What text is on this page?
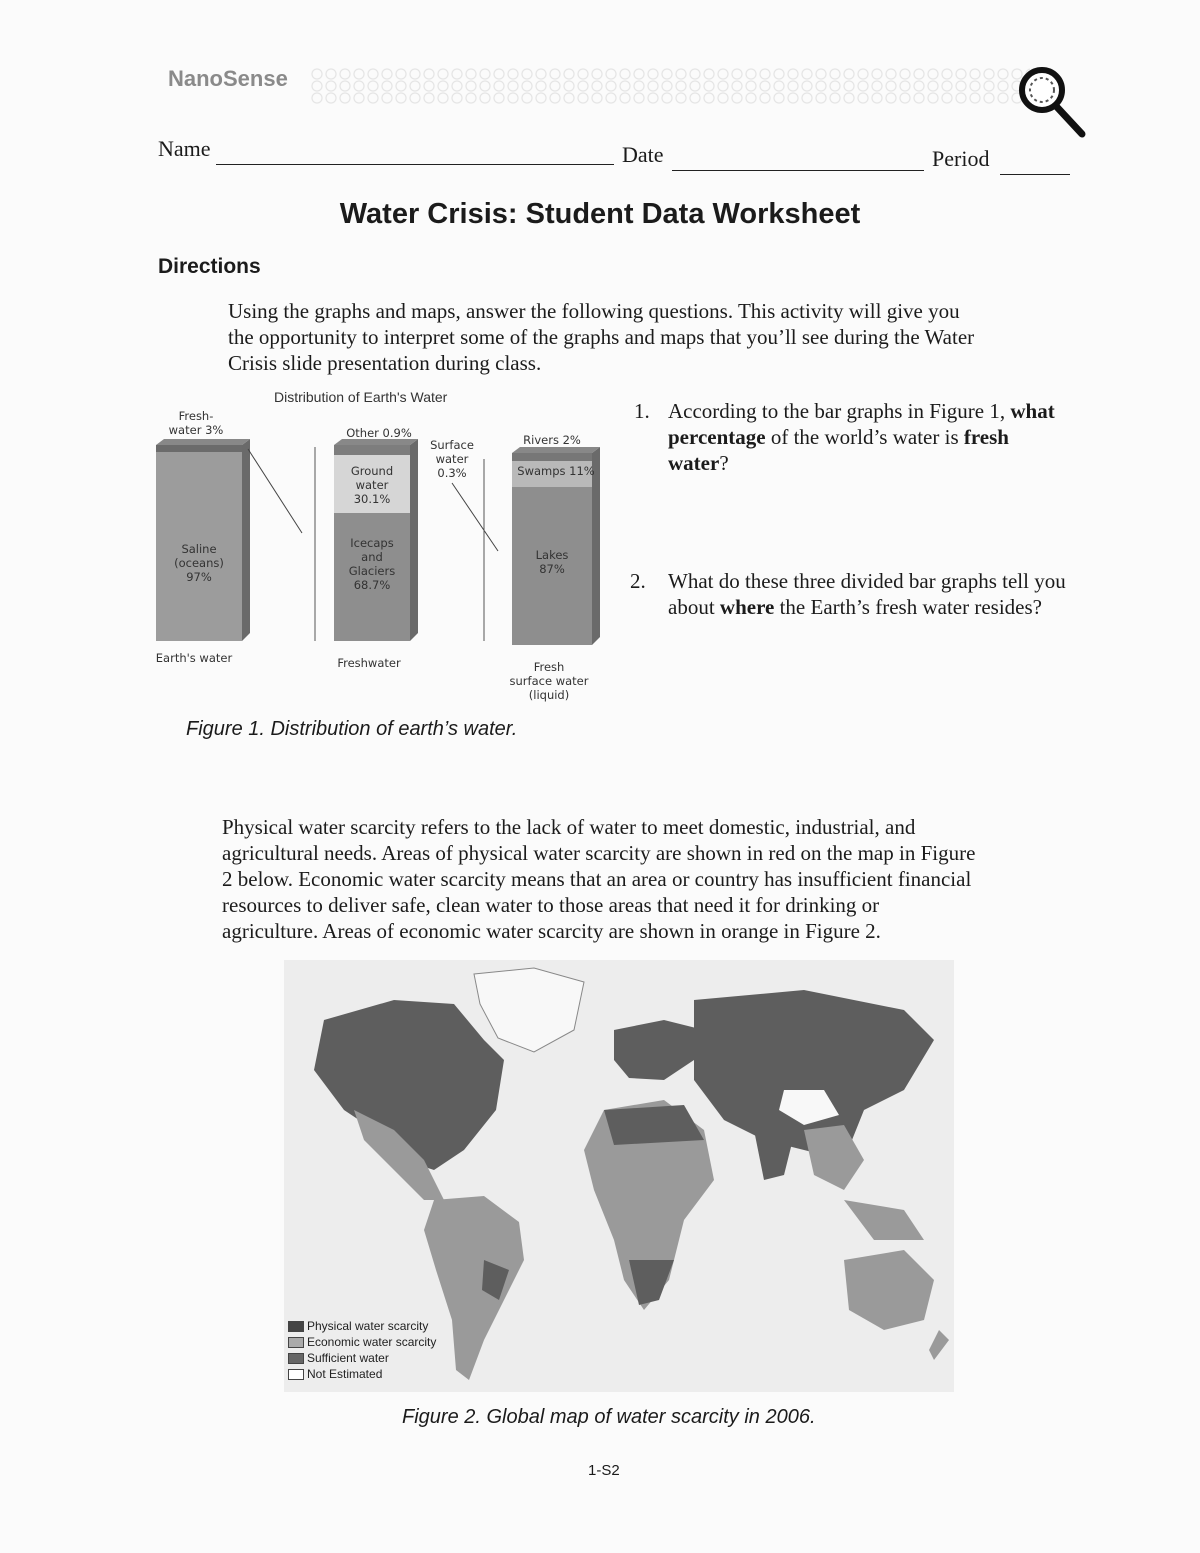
NanoSense
Name	Date	Period
Water Crisis: Student Data Worksheet
Directions
Using the graphs and maps, answer the following questions. This activity will give you
the opportunity to interpret some of the graphs and maps that you’ll see during the Water
Crisis slide presentation during class.
Distribution of Earth's Water
Fresh-
water 3%
Saline
(oceans)
97%
Other 0.9%
Surface
water
0.3%
Ground
water
30.1%
Icecaps
and
Glaciers
68.7%
Rivers 2%
Swamps 11%
Lakes
87%
Earth's water	Freshwater	Fresh
surface water
(liquid)
Figure 1. Distribution of earth’s water.
1. According to the bar graphs in Figure 1, what percentage of the world’s water is fresh water?
2. What do these three divided bar graphs tell you about where the Earth’s fresh water resides?
Physical water scarcity refers to the lack of water to meet domestic, industrial, and
agricultural needs. Areas of physical water scarcity are shown in red on the map in Figure
2 below. Economic water scarcity means that an area or country has insufficient financial
resources to deliver safe, clean water to those areas that need it for drinking or
agriculture. Areas of economic water scarcity are shown in orange in Figure 2.
Physical water scarcity
Economic water scarcity
Sufficient water
Not Estimated
Figure 2. Global map of water scarcity in 2006.
1-S2
